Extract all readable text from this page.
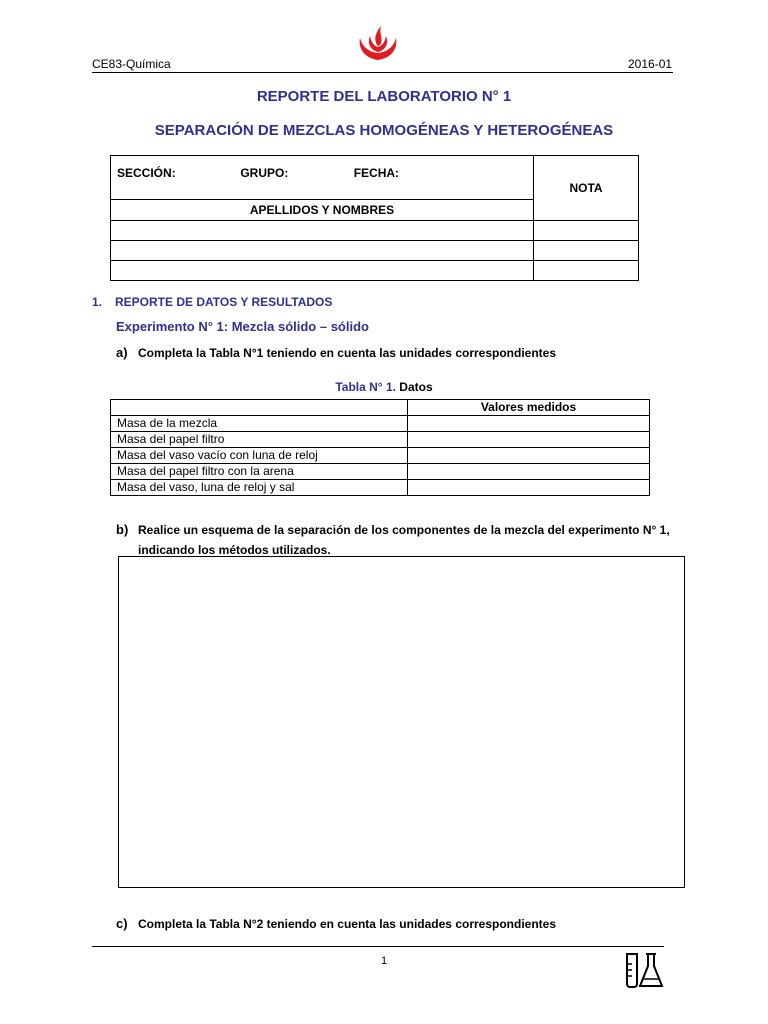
CE83-Química	2016-01
REPORTE DEL LABORATORIO N° 1
SEPARACIÓN DE MEZCLAS HOMOGÉNEAS Y HETEROGÉNEAS
SECCIÓN: GRUPO: FECHA:	NOTA
APELLIDOS Y NOMBRES	

1. REPORTE DE DATOS Y RESULTADOS
Experimento N° 1: Mezcla sólido – sólido
a) Completa la Tabla N°1 teniendo en cuenta las unidades correspondientes
Tabla N° 1. Datos
	Valores medidos
Masa de la mezcla	
Masa del papel filtro	
Masa del vaso vacío con luna de reloj	
Masa del papel filtro con la arena	
Masa del vaso, luna de reloj y sal	
b) Realice un esquema de la separación de los componentes de la mezcla del experimento N° 1,
indicando los métodos utilizados.
c) Completa la Tabla N°2 teniendo en cuenta las unidades correspondientes
1
